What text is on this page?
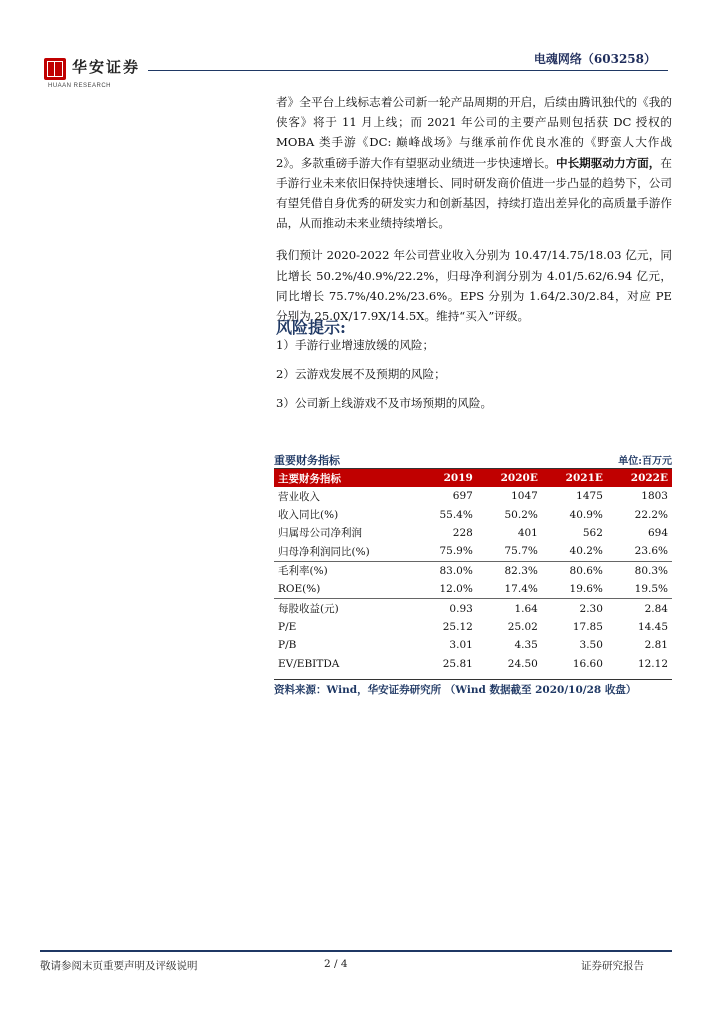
华安证券
HUAAN RESEARCH
电魂网络（603258）

者》全平台上线标志着公司新一轮产品周期的开启，后续由腾讯独代的《我的侠客》将于 11 月上线；而 2021 年公司的主要产品则包括获 DC 授权的 MOBA 类手游《DC: 巅峰战场》与继承前作优良水准的《野蛮人大作战 2》。多款重磅手游大作有望驱动业绩进一步快速增长。中长期驱动力方面，在手游行业未来依旧保持快速增长、同时研发商价值进一步凸显的趋势下，公司有望凭借自身优秀的研发实力和创新基因，持续打造出差异化的高质量手游作品，从而推动未来业绩持续增长。

我们预计 2020-2022 年公司营业收入分别为 10.47/14.75/18.03 亿元，同比增长 50.2%/40.9%/22.2%，归母净利润分别为 4.01/5.62/6.94 亿元，同比增长 75.7%/40.2%/23.6%。EPS 分别为 1.64/2.30/2.84，对应 PE 分别为 25.0X/17.9X/14.5X。维持“买入”评级。

风险提示:
1）手游行业增速放缓的风险；
2）云游戏发展不及预期的风险；
3）公司新上线游戏不及市场预期的风险。
重要财务指标	单位:百万元
主要财务指标	2019	2020E	2021E	2022E
营业收入	697	1047	1475	1803
收入同比(%)	55.4%	50.2%	40.9%	22.2%
归属母公司净利润	228	401	562	694
归母净利润同比(%)	75.9%	75.7%	40.2%	23.6%
毛利率(%)	83.0%	82.3%	80.6%	80.3%
ROE(%)	12.0%	17.4%	19.6%	19.5%
每股收益(元)	0.93	1.64	2.30	2.84
P/E	25.12	25.02	17.85	14.45
P/B	3.01	4.35	3.50	2.81
EV/EBITDA	25.81	24.50	16.60	12.12
资料来源：Wind，华安证券研究所 （Wind 数据截至 2020/10/28 收盘）
敬请参阅末页重要声明及评级说明	2 / 4	证券研究报告
